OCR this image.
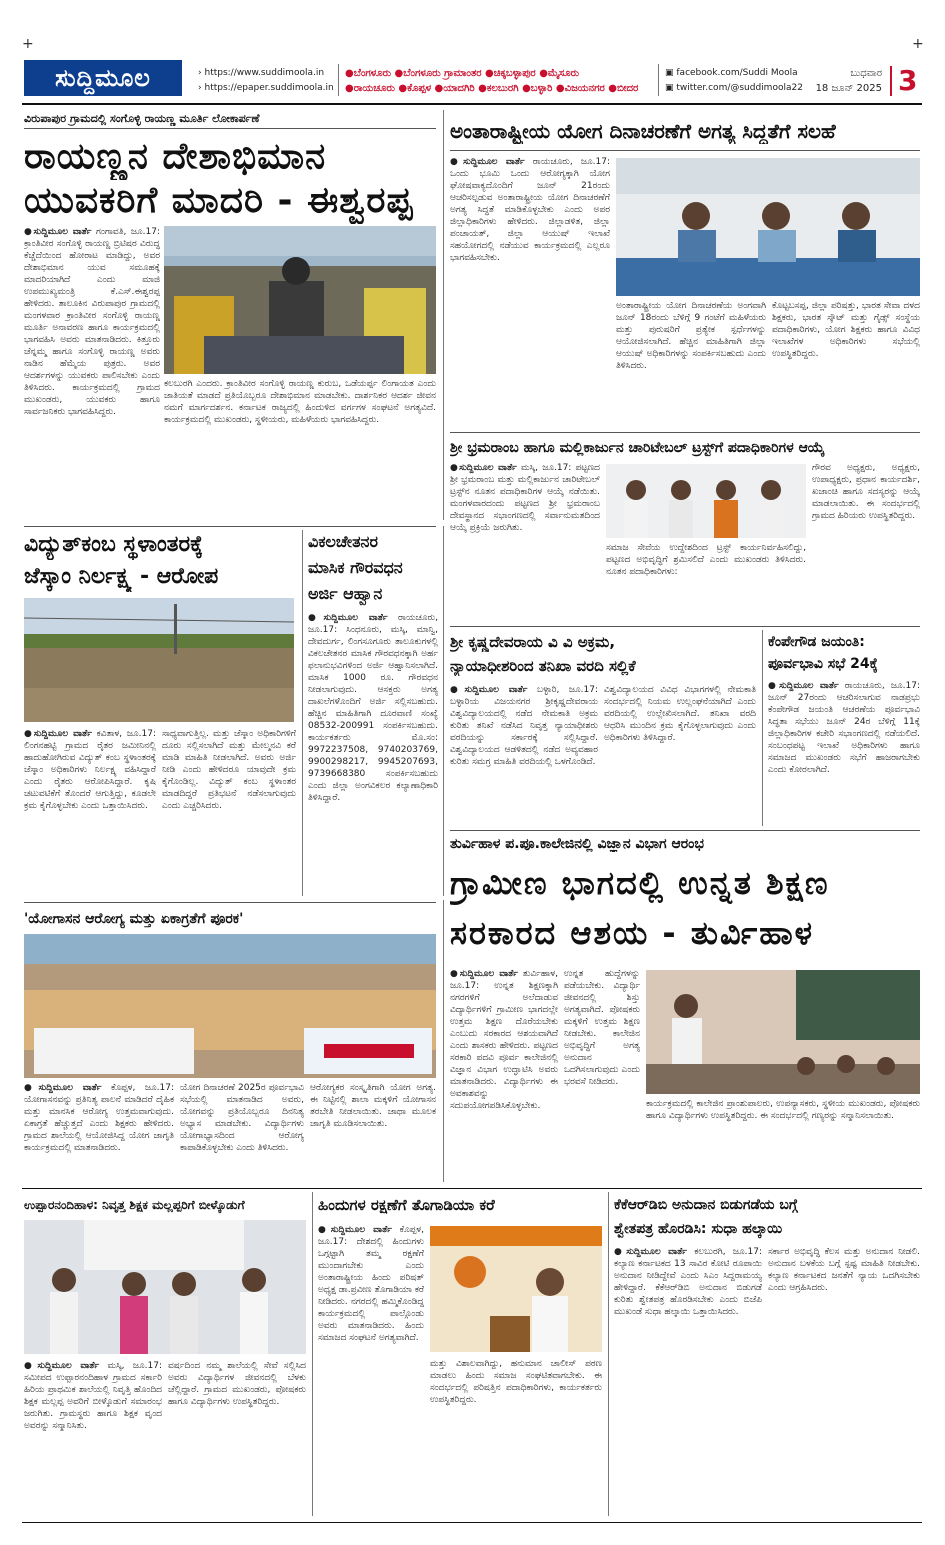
+	+
ಸುದ್ದಿಮೂಲ	› https://www.suddimoola.in
› https://epaper.suddimoola.in
●ಬೆಂಗಳೂರು ●ಬೆಂಗಳೂರು ಗ್ರಾಮಾಂತರ ●ಚಿಕ್ಕಬಳ್ಳಾಪುರ ●ಮೈಸೂರು
●ರಾಯಚೂರು ●ಕೊಪ್ಪಳ ●ಯಾದಗಿರಿ ●ಕಲಬುರಗಿ ●ಬಳ್ಳಾರಿ ●ವಿಜಯನಗರ ●ಬೀದರ
▣ facebook.com/Suddi Moola
▣ twitter.com/@suddimoola22
ಬುಧವಾರ
18 ಜೂನ್ 2025 3
ವಿರುಪಾಪುರ ಗ್ರಾಮದಲ್ಲಿ ಸಂಗೊಳ್ಳಿ ರಾಯಣ್ಣ ಮೂರ್ತಿ ಲೋಕಾರ್ಪಣೆ
ರಾಯಣ್ಣನ ದೇಶಾಭಿಮಾನ
ಯುವಕರಿಗೆ ಮಾದರಿ - ಈಶ್ವರಪ್ಪ
●ಸುದ್ದಿಮೂಲ ವಾರ್ತೆ ಗಂಗಾವತಿ, ಜೂ.17: ಕ್ರಾಂತಿವೀರ ಸಂಗೊಳ್ಳಿ ರಾಯಣ್ಣ ಬ್ರಿಟಿಷರ ವಿರುದ್ಧ ಕೆಚ್ಚೆದೆಯಿಂದ ಹೋರಾಟ ಮಾಡಿದ್ದು, ಅವರ ದೇಶಾಭಿಮಾನ ಯುವ ಸಮೂಹಕ್ಕೆ ಮಾದರಿಯಾಗಿದೆ ಎಂದು ಮಾಜಿ ಉಪಮುಖ್ಯಮಂತ್ರಿ ಕೆ.ಎಸ್.ಈಶ್ವರಪ್ಪ ಹೇಳಿದರು. ತಾಲೂಕಿನ ವಿರುಪಾಪುರ ಗ್ರಾಮದಲ್ಲಿ ಮಂಗಳವಾರ ಕ್ರಾಂತಿವೀರ ಸಂಗೊಳ್ಳಿ ರಾಯಣ್ಣ ಮೂರ್ತಿ ಅನಾವರಣ ಹಾಗೂ ಕಾರ್ಯಕ್ರಮದಲ್ಲಿ ಭಾಗವಹಿಸಿ ಅವರು ಮಾತನಾಡಿದರು. ಕಿತ್ತೂರು ಚೆನ್ನಮ್ಮ ಹಾಗೂ ಸಂಗೊಳ್ಳಿ ರಾಯಣ್ಣ ಅವರು ನಾಡಿನ ಹೆಮ್ಮೆಯ ಪುತ್ರರು. ಅವರ ಆದರ್ಶಗಳನ್ನು ಯುವಕರು ಪಾಲಿಸಬೇಕು ಎಂದು ತಿಳಿಸಿದರು. ಕಾರ್ಯಕ್ರಮದಲ್ಲಿ ಗ್ರಾಮದ ಮುಖಂಡರು, ಯುವಕರು ಹಾಗೂ ಸಾರ್ವಜನಿಕರು ಭಾಗವಹಿಸಿದ್ದರು.
ಕಲಬುರಗಿ ಎಂದರು. ಕ್ರಾಂತಿವೀರ ಸಂಗೊಳ್ಳಿ ರಾಯಣ್ಣ ಕುರುಬ, ಒಡೆಯರ್ಪ್ಪ ಲಿಂಗಾಯತ ಎಂದು ಜಾತಿಯತೆ ಮಾಡದೆ ಪ್ರತಿಯೊಬ್ಬರೂ ದೇಶಾಭಿಮಾನ ಮಾಡಬೇಕು. ದಾರ್ಶನಿಕರ ಆದರ್ಶ ಜೀವನ ನಮಗೆ ಮಾರ್ಗದರ್ಶನ. ಕರ್ನಾಟಕ ರಾಜ್ಯದಲ್ಲಿ ಹಿಂದುಳಿದ ವರ್ಗಗಳ ಸಂಘಟನೆ ಅಗತ್ಯವಿದೆ. ಕಾರ್ಯಕ್ರಮದಲ್ಲಿ ಮುಖಂಡರು, ಸ್ಥಳೀಯರು, ಮಹಿಳೆಯರು ಭಾಗವಹಿಸಿದ್ದರು.
ಅಂತಾರಾಷ್ಟ್ರೀಯ ಯೋಗ ದಿನಾಚರಣೆಗೆ ಅಗತ್ಯ ಸಿದ್ಧತೆಗೆ ಸಲಹೆ
●ಸುದ್ದಿಮೂಲ ವಾರ್ತೆ ರಾಯಚೂರು, ಜೂ.17: ಒಂದು ಭೂಮಿ ಒಂದು ಆರೋಗ್ಯಕ್ಕಾಗಿ ಯೋಗ ಘೋಷವಾಕ್ಯದೊಂದಿಗೆ ಜೂನ್ 21ರಂದು ಆಚರಿಸಲ್ಪಡುವ ಅಂತಾರಾಷ್ಟ್ರೀಯ ಯೋಗ ದಿನಾಚರಣೆಗೆ ಅಗತ್ಯ ಸಿದ್ಧತೆ ಮಾಡಿಕೊಳ್ಳಬೇಕು ಎಂದು ಅಪರ ಜಿಲ್ಲಾಧಿಕಾರಿಗಳು ಹೇಳಿದರು. ಜಿಲ್ಲಾಡಳಿತ, ಜಿಲ್ಲಾ ಪಂಚಾಯತ್, ಜಿಲ್ಲಾ ಆಯುಷ್ ಇಲಾಖೆ ಸಹಯೋಗದಲ್ಲಿ ನಡೆಯುವ ಕಾರ್ಯಕ್ರಮದಲ್ಲಿ ಎಲ್ಲರೂ ಭಾಗವಹಿಸಬೇಕು.
ಅಂತಾರಾಷ್ಟ್ರೀಯ ಯೋಗ ದಿನಾಚರಣೆಯ ಅಂಗವಾಗಿ ಜೂನ್ 18ರಂದು ಬೆಳಿಗ್ಗೆ 9 ಗಂಟೆಗೆ ಮಹಿಳೆಯರು ಮತ್ತು ಪುರುಷರಿಗೆ ಪ್ರತ್ಯೇಕ ಸ್ಪರ್ಧೆಗಳನ್ನು ಆಯೋಜಿಸಲಾಗಿದೆ. ಹೆಚ್ಚಿನ ಮಾಹಿತಿಗಾಗಿ ಜಿಲ್ಲಾ ಆಯುಷ್ ಅಧಿಕಾರಿಗಳನ್ನು ಸಂಪರ್ಕಿಸಬಹುದು ಎಂದು ತಿಳಿಸಿದರು.
ಕೊಟ್ಟಬಸಪ್ಪ, ಜಿಲ್ಲಾ ಪರಿಷತ್ತು, ಭಾರತ ಸೇವಾ ದಳದ ಶಿಕ್ಷಕರು, ಭಾರತ ಸ್ಕೌಟ್ ಮತ್ತು ಗೈಡ್ಸ್ ಸಂಸ್ಥೆಯ ಪದಾಧಿಕಾರಿಗಳು, ಯೋಗ ಶಿಕ್ಷಕರು ಹಾಗೂ ವಿವಿಧ ಇಲಾಖೆಗಳ ಅಧಿಕಾರಿಗಳು ಸಭೆಯಲ್ಲಿ ಉಪಸ್ಥಿತರಿದ್ದರು.
ಶ್ರೀ ಭ್ರಮರಾಂಬ ಹಾಗೂ ಮಲ್ಲಿಕಾರ್ಜುನ ಚಾರಿಟೇಬಲ್ ಟ್ರಸ್ಟ್‌ಗೆ ಪದಾಧಿಕಾರಿಗಳ ಆಯ್ಕೆ
●ಸುದ್ದಿಮೂಲ ವಾರ್ತೆ ಮಸ್ಕಿ, ಜೂ.17: ಪಟ್ಟಣದ ಶ್ರೀ ಭ್ರಮರಾಂಬ ಮತ್ತು ಮಲ್ಲಿಕಾರ್ಜುನ ಚಾರಿಟೇಬಲ್ ಟ್ರಸ್ಟ್‌ನ ನೂತನ ಪದಾಧಿಕಾರಿಗಳ ಆಯ್ಕೆ ನಡೆಯಿತು. ಮಂಗಳವಾರದಂದು ಪಟ್ಟಣದ ಶ್ರೀ ಭ್ರಮರಾಂಬ ದೇವಸ್ಥಾನದ ಸಭಾಂಗಣದಲ್ಲಿ ಸರ್ವಾನುಮತದಿಂದ ಆಯ್ಕೆ ಪ್ರಕ್ರಿಯೆ ಜರುಗಿತು.
ಸಮಾಜ ಸೇವೆಯ ಉದ್ದೇಶದಿಂದ ಟ್ರಸ್ಟ್ ಕಾರ್ಯನಿರ್ವಹಿಸಲಿದ್ದು, ಪಟ್ಟಣದ ಅಭಿವೃದ್ಧಿಗೆ ಶ್ರಮಿಸಲಿದೆ ಎಂದು ಮುಖಂಡರು ತಿಳಿಸಿದರು. ನೂತನ ಪದಾಧಿಕಾರಿಗಳು:
ಗೌರವ ಅಧ್ಯಕ್ಷರು, ಅಧ್ಯಕ್ಷರು, ಉಪಾಧ್ಯಕ್ಷರು, ಪ್ರಧಾನ ಕಾರ್ಯದರ್ಶಿ, ಖಜಾಂಚಿ ಹಾಗೂ ಸದಸ್ಯರನ್ನು ಆಯ್ಕೆ ಮಾಡಲಾಯಿತು. ಈ ಸಂದರ್ಭದಲ್ಲಿ ಗ್ರಾಮದ ಹಿರಿಯರು ಉಪಸ್ಥಿತರಿದ್ದರು.
ವಿದ್ಯುತ್‌ಕಂಬ ಸ್ಥಳಾಂತರಕ್ಕೆ
ಜೆಸ್ಕಾಂ ನಿರ್ಲಕ್ಷ್ಯ - ಆರೋಪ
●ಸುದ್ದಿಮೂಲ ವಾರ್ತೆ ಕವಿತಾಳ, ಜೂ.17: ಲಿಂಗನಹಟ್ಟಿ ಗ್ರಾಮದ ರೈತರ ಜಮೀನಿನಲ್ಲಿ ಹಾದುಹೋಗಿರುವ ವಿದ್ಯುತ್ ಕಂಬ ಸ್ಥಳಾಂತರಕ್ಕೆ ಜೆಸ್ಕಾಂ ಅಧಿಕಾರಿಗಳು ನಿರ್ಲಕ್ಷ್ಯ ವಹಿಸಿದ್ದಾರೆ ಎಂದು ರೈತರು ಆರೋಪಿಸಿದ್ದಾರೆ. ಕೃಷಿ ಚಟುವಟಿಕೆಗೆ ತೊಂದರೆ ಆಗುತ್ತಿದ್ದು, ಕೂಡಲೇ ಕ್ರಮ ಕೈಗೊಳ್ಳಬೇಕು ಎಂದು ಒತ್ತಾಯಿಸಿದರು.
ಸಾಧ್ಯವಾಗುತ್ತಿಲ್ಲ. ಮತ್ತು ಜೆಸ್ಕಾಂ ಅಧಿಕಾರಿಗಳಿಗೆ ದೂರು ಸಲ್ಲಿಸಲಾಗಿದೆ ಮತ್ತು ಮೇಲ್ಮನವಿ ಕರೆ ಮಾಡಿ ಮಾಹಿತಿ ನೀಡಲಾಗಿದೆ. ಅವರು ಅರ್ಜಿ ನೀಡಿ ಎಂದು ಹೇಳಿದರೂ ಯಾವುದೇ ಕ್ರಮ ಕೈಗೊಂಡಿಲ್ಲ. ವಿದ್ಯುತ್ ಕಂಬ ಸ್ಥಳಾಂತರ ಮಾಡದಿದ್ದರೆ ಪ್ರತಿಭಟನೆ ನಡೆಸಲಾಗುವುದು ಎಂದು ಎಚ್ಚರಿಸಿದರು.
ವಿಕಲಚೇತನರ
ಮಾಸಿಕ ಗೌರವಧನ
ಅರ್ಜಿ ಆಹ್ವಾನ
●ಸುದ್ದಿಮೂಲ ವಾರ್ತೆ ರಾಯಚೂರು, ಜೂ.17: ಸಿಂಧನೂರು, ಮಸ್ಕಿ, ಮಾನ್ವಿ, ದೇವದುರ್ಗ, ಲಿಂಗಸೂಗೂರು ತಾಲೂಕುಗಳಲ್ಲಿ ವಿಕಲಚೇತನರ ಮಾಸಿಕ ಗೌರವಧನಕ್ಕಾಗಿ ಅರ್ಹ ಫಲಾನುಭವಿಗಳಿಂದ ಅರ್ಜಿ ಆಹ್ವಾನಿಸಲಾಗಿದೆ. ಮಾಸಿಕ 1000 ರೂ. ಗೌರವಧನ ನೀಡಲಾಗುವುದು. ಆಸಕ್ತರು ಅಗತ್ಯ ದಾಖಲೆಗಳೊಂದಿಗೆ ಅರ್ಜಿ ಸಲ್ಲಿಸಬಹುದು. ಹೆಚ್ಚಿನ ಮಾಹಿತಿಗಾಗಿ ದೂರವಾಣಿ ಸಂಖ್ಯೆ 08532-200991 ಸಂಪರ್ಕಿಸಬಹುದು. ಕಾರ್ಯಕರ್ತರು ಮೊ.ಸಂ: 9972237508, 9740203769, 9900298217, 9945207693, 9739668380 ಸಂಪರ್ಕಿಸಬಹುದು ಎಂದು ಜಿಲ್ಲಾ ಅಂಗವಿಕಲರ ಕಲ್ಯಾಣಾಧಿಕಾರಿ ತಿಳಿಸಿದ್ದಾರೆ.
ಶ್ರೀ ಕೃಷ್ಣದೇವರಾಯ ವಿ ವಿ ಅಕ್ರಮ,
ನ್ಯಾಯಾಧೀಶರಿಂದ ತನಿಖಾ ವರದಿ ಸಲ್ಲಿಕೆ
●ಸುದ್ದಿಮೂಲ ವಾರ್ತೆ ಬಳ್ಳಾರಿ, ಜೂ.17: ಬಳ್ಳಾರಿಯ ವಿಜಯನಗರ ಶ್ರೀಕೃಷ್ಣದೇವರಾಯ ವಿಶ್ವವಿದ್ಯಾಲಯದಲ್ಲಿ ನಡೆದ ನೇಮಕಾತಿ ಅಕ್ರಮ ಕುರಿತು ತನಿಖೆ ನಡೆಸಿದ ನಿವೃತ್ತ ನ್ಯಾಯಾಧೀಶರು ವರದಿಯನ್ನು ಸರ್ಕಾರಕ್ಕೆ ಸಲ್ಲಿಸಿದ್ದಾರೆ. ವಿಶ್ವವಿದ್ಯಾಲಯದ ಆಡಳಿತದಲ್ಲಿ ನಡೆದ ಅವ್ಯವಹಾರ ಕುರಿತು ಸಮಗ್ರ ಮಾಹಿತಿ ವರದಿಯಲ್ಲಿ ಒಳಗೊಂಡಿದೆ.
ವಿಶ್ವವಿದ್ಯಾಲಯದ ವಿವಿಧ ವಿಭಾಗಗಳಲ್ಲಿ ನೇಮಕಾತಿ ಸಂದರ್ಭದಲ್ಲಿ ನಿಯಮ ಉಲ್ಲಂಘನೆಯಾಗಿದೆ ಎಂದು ವರದಿಯಲ್ಲಿ ಉಲ್ಲೇಖಿಸಲಾಗಿದೆ. ತನಿಖಾ ವರದಿ ಆಧರಿಸಿ ಮುಂದಿನ ಕ್ರಮ ಕೈಗೊಳ್ಳಲಾಗುವುದು ಎಂದು ಅಧಿಕಾರಿಗಳು ತಿಳಿಸಿದ್ದಾರೆ.
ಕೆಂಪೇಗೌಡ ಜಯಂತಿ:
ಪೂರ್ವಭಾವಿ ಸಭೆ 24ಕ್ಕೆ
●ಸುದ್ದಿಮೂಲ ವಾರ್ತೆ ರಾಯಚೂರು, ಜೂ.17: ಜೂನ್ 27ರಂದು ಆಚರಿಸಲಾಗುವ ನಾಡಪ್ರಭು ಕೆಂಪೇಗೌಡ ಜಯಂತಿ ಆಚರಣೆಯ ಪೂರ್ವಭಾವಿ ಸಿದ್ಧತಾ ಸಭೆಯು ಜೂನ್ 24ರ ಬೆಳಿಗ್ಗೆ 11ಕ್ಕೆ ಜಿಲ್ಲಾಧಿಕಾರಿಗಳ ಕಚೇರಿ ಸಭಾಂಗಣದಲ್ಲಿ ನಡೆಯಲಿದೆ. ಸಂಬಂಧಪಟ್ಟ ಇಲಾಖೆ ಅಧಿಕಾರಿಗಳು ಹಾಗೂ ಸಮಾಜದ ಮುಖಂಡರು ಸಭೆಗೆ ಹಾಜರಾಗಬೇಕು ಎಂದು ಕೋರಲಾಗಿದೆ.
ತುರ್ವಿಹಾಳ ಪ.ಪೂ.ಕಾಲೇಜಿನಲ್ಲಿ ವಿಜ್ಞಾನ ವಿಭಾಗ ಆರಂಭ
ಗ್ರಾಮೀಣ ಭಾಗದಲ್ಲಿ ಉನ್ನತ ಶಿಕ್ಷಣ
ಸರಕಾರದ ಆಶಯ - ತುರ್ವಿಹಾಳ
●ಸುದ್ದಿಮೂಲ ವಾರ್ತೆ ತುರ್ವಿಹಾಳ, ಜೂ.17: ಉನ್ನತ ಶಿಕ್ಷಣಕ್ಕಾಗಿ ನಗರಗಳಿಗೆ ಅಲೆದಾಡುವ ವಿದ್ಯಾರ್ಥಿಗಳಿಗೆ ಗ್ರಾಮೀಣ ಭಾಗದಲ್ಲೇ ಉತ್ತಮ ಶಿಕ್ಷಣ ದೊರೆಯಬೇಕು ಎಂಬುದು ಸರಕಾರದ ಆಶಯವಾಗಿದೆ ಎಂದು ಶಾಸಕರು ಹೇಳಿದರು. ಪಟ್ಟಣದ ಸರಕಾರಿ ಪದವಿ ಪೂರ್ವ ಕಾಲೇಜಿನಲ್ಲಿ ವಿಜ್ಞಾನ ವಿಭಾಗ ಉದ್ಘಾಟಿಸಿ ಅವರು ಮಾತನಾಡಿದರು. ವಿದ್ಯಾರ್ಥಿಗಳು ಈ ಅವಕಾಶವನ್ನು ಸದುಪಯೋಗಪಡಿಸಿಕೊಳ್ಳಬೇಕು.
ಉನ್ನತ ಹುದ್ದೆಗಳನ್ನು ಪಡೆಯಬೇಕು. ವಿದ್ಯಾರ್ಥಿ ಜೀವನದಲ್ಲಿ ಶಿಸ್ತು ಅಗತ್ಯವಾಗಿದೆ. ಪೋಷಕರು ಮಕ್ಕಳಿಗೆ ಉತ್ತಮ ಶಿಕ್ಷಣ ನೀಡಬೇಕು. ಕಾಲೇಜಿನ ಅಭಿವೃದ್ಧಿಗೆ ಅಗತ್ಯ ಅನುದಾನ ಒದಗಿಸಲಾಗುವುದು ಎಂದು ಭರವಸೆ ನೀಡಿದರು.
ಕಾರ್ಯಕ್ರಮದಲ್ಲಿ ಕಾಲೇಜಿನ ಪ್ರಾಂಶುಪಾಲರು, ಉಪನ್ಯಾಸಕರು, ಸ್ಥಳೀಯ ಮುಖಂಡರು, ಪೋಷಕರು ಹಾಗೂ ವಿದ್ಯಾರ್ಥಿಗಳು ಉಪಸ್ಥಿತರಿದ್ದರು. ಈ ಸಂದರ್ಭದಲ್ಲಿ ಗಣ್ಯರನ್ನು ಸನ್ಮಾನಿಸಲಾಯಿತು.
'ಯೋಗಾಸನ ಆರೋಗ್ಯ ಮತ್ತು ಏಕಾಗ್ರತೆಗೆ ಪೂರಕ'
●ಸುದ್ದಿಮೂಲ ವಾರ್ತೆ ಕೊಪ್ಪಳ, ಜೂ.17: ಯೋಗಾಸನವನ್ನು ಪ್ರತಿನಿತ್ಯ ಪಾಲನೆ ಮಾಡಿದರೆ ದೈಹಿಕ ಮತ್ತು ಮಾನಸಿಕ ಆರೋಗ್ಯ ಉತ್ತಮವಾಗುವುದು. ಏಕಾಗ್ರತೆ ಹೆಚ್ಚುತ್ತದೆ ಎಂದು ಶಿಕ್ಷಕರು ಹೇಳಿದರು. ಗ್ರಾಮದ ಶಾಲೆಯಲ್ಲಿ ಆಯೋಜಿಸಿದ್ದ ಯೋಗ ಜಾಗೃತಿ ಕಾರ್ಯಕ್ರಮದಲ್ಲಿ ಮಾತನಾಡಿದರು.
ಯೋಗ ದಿನಾಚರಣೆ 2025ರ ಪೂರ್ವಭಾವಿ ಸಭೆಯಲ್ಲಿ ಮಾತನಾಡಿದ ಅವರು, ಯೋಗವನ್ನು ಪ್ರತಿಯೊಬ್ಬರೂ ದಿನನಿತ್ಯ ಅಭ್ಯಾಸ ಮಾಡಬೇಕು. ವಿದ್ಯಾರ್ಥಿಗಳು ಯೋಗಾಭ್ಯಾಸದಿಂದ ಆರೋಗ್ಯ ಕಾಪಾಡಿಕೊಳ್ಳಬೇಕು ಎಂದು ತಿಳಿಸಿದರು.
ಆರೋಗ್ಯಕರ ಸಂಸ್ಕೃತಿಗಾಗಿ ಯೋಗ ಅಗತ್ಯ. ಈ ನಿಟ್ಟಿನಲ್ಲಿ ಶಾಲಾ ಮಕ್ಕಳಿಗೆ ಯೋಗಾಸನ ತರಬೇತಿ ನೀಡಲಾಯಿತು. ಜಾಥಾ ಮೂಲಕ ಜಾಗೃತಿ ಮೂಡಿಸಲಾಯಿತು.
ಉಪ್ಪಾರನಂದಿಹಾಳ: ನಿವೃತ್ತ ಶಿಕ್ಷಕ ಮಲ್ಲಪ್ಪರಿಗೆ ಬೀಳ್ಕೊಡುಗೆ
●ಸುದ್ದಿಮೂಲ ವಾರ್ತೆ ಮಸ್ಕಿ, ಜೂ.17: ಸಮೀಪದ ಉಪ್ಪಾರನಂದಿಹಾಳ ಗ್ರಾಮದ ಸರ್ಕಾರಿ ಹಿರಿಯ ಪ್ರಾಥಮಿಕ ಶಾಲೆಯಲ್ಲಿ ನಿವೃತ್ತಿ ಹೊಂದಿದ ಶಿಕ್ಷಕ ಮಲ್ಲಪ್ಪ ಅವರಿಗೆ ಬೀಳ್ಕೊಡುಗೆ ಸಮಾರಂಭ ಜರುಗಿತು. ಗ್ರಾಮಸ್ಥರು ಹಾಗೂ ಶಿಕ್ಷಕ ವೃಂದ ಅವರನ್ನು ಸನ್ಮಾನಿಸಿತು.
ವರ್ಷದಿಂದ ನಮ್ಮ ಶಾಲೆಯಲ್ಲಿ ಸೇವೆ ಸಲ್ಲಿಸಿದ ಅವರು ವಿದ್ಯಾರ್ಥಿಗಳ ಜೀವನದಲ್ಲಿ ಬೆಳಕು ಚೆಲ್ಲಿದ್ದಾರೆ. ಗ್ರಾಮದ ಮುಖಂಡರು, ಪೋಷಕರು ಹಾಗೂ ವಿದ್ಯಾರ್ಥಿಗಳು ಉಪಸ್ಥಿತರಿದ್ದರು.
ಹಿಂದುಗಳ ರಕ್ಷಣೆಗೆ ತೊಗಾಡಿಯಾ ಕರೆ
●ಸುದ್ದಿಮೂಲ ವಾರ್ತೆ ಕೊಪ್ಪಳ, ಜೂ.17: ದೇಶದಲ್ಲಿ ಹಿಂದುಗಳು ಒಗ್ಗಟ್ಟಾಗಿ ತಮ್ಮ ರಕ್ಷಣೆಗೆ ಮುಂದಾಗಬೇಕು ಎಂದು ಅಂತಾರಾಷ್ಟ್ರೀಯ ಹಿಂದು ಪರಿಷತ್ ಅಧ್ಯಕ್ಷ ಡಾ.ಪ್ರವೀಣ ತೊಗಾಡಿಯಾ ಕರೆ ನೀಡಿದರು. ನಗರದಲ್ಲಿ ಹಮ್ಮಿಕೊಂಡಿದ್ದ ಕಾರ್ಯಕ್ರಮದಲ್ಲಿ ಪಾಲ್ಗೊಂಡು ಅವರು ಮಾತನಾಡಿದರು. ಹಿಂದು ಸಮಾಜದ ಸಂಘಟನೆ ಅಗತ್ಯವಾಗಿದೆ.
ಮತ್ತು ವಿಶಾಲವಾಗಿದ್ದು, ಹನುಮಾನ ಚಾಲೀಸ್ ಪಠಣ ಮಾಡಲು ಹಿಂದು ಸಮಾಜ ಸಂಘಟಿತವಾಗಬೇಕು. ಈ ಸಂದರ್ಭದಲ್ಲಿ ಪರಿಷತ್ತಿನ ಪದಾಧಿಕಾರಿಗಳು, ಕಾರ್ಯಕರ್ತರು ಉಪಸ್ಥಿತರಿದ್ದರು.
ಕೆಕೆಆರ್‌ಡಿಬಿ ಅನುದಾನ ಬಿಡುಗಡೆಯ ಬಗ್ಗೆ
ಶ್ವೇತಪತ್ರ ಹೊರಡಿಸಿ: ಸುಧಾ ಹಲ್ಕಾಯಿ
●ಸುದ್ದಿಮೂಲ ವಾರ್ತೆ ಕಲಬುರಗಿ, ಜೂ.17: ಕಲ್ಯಾಣ ಕರ್ನಾಟಕದ 13 ಸಾವಿರ ಕೋಟಿ ರೂಪಾಯಿ ಅನುದಾನ ನೀಡಿದ್ದೇವೆ ಎಂದು ಸಿಎಂ ಸಿದ್ದರಾಮಯ್ಯ ಹೇಳಿದ್ದಾರೆ. ಕೆಕೆಆರ್‌ಡಿಬಿ ಅನುದಾನ ಬಿಡುಗಡೆ ಕುರಿತು ಶ್ವೇತಪತ್ರ ಹೊರಡಿಸಬೇಕು ಎಂದು ಬಿಜೆಪಿ ಮುಖಂಡೆ ಸುಧಾ ಹಲ್ಕಾಯಿ ಒತ್ತಾಯಿಸಿದರು.
ಸರ್ಕಾರ ಅಭಿವೃದ್ಧಿ ಕೆಲಸ ಮತ್ತು ಅನುದಾನ ನೀಡಲಿ. ಅನುದಾನ ಬಳಕೆಯ ಬಗ್ಗೆ ಸ್ಪಷ್ಟ ಮಾಹಿತಿ ನೀಡಬೇಕು. ಕಲ್ಯಾಣ ಕರ್ನಾಟಕದ ಜನತೆಗೆ ನ್ಯಾಯ ಒದಗಿಸಬೇಕು ಎಂದು ಆಗ್ರಹಿಸಿದರು.
